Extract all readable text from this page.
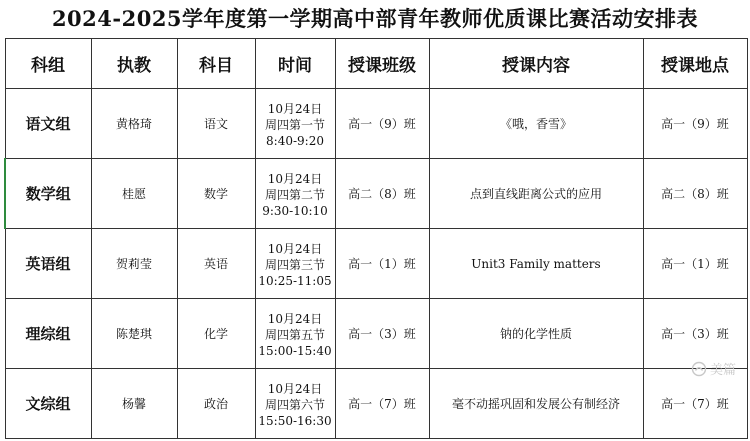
2024-2025学年度第一学期高中部青年教师优质课比赛活动安排表
科组	执教	科目	时间	授课班级	授课内容	授课地点
语文组	黄格琦	语文	10月24日
周四第一节
8:40-9:20	高一（9）班	《哦，香雪》	高一（9）班
数学组	桂愿	数学	10月24日
周四第二节
9:30-10:10	高二（8）班	点到直线距离公式的应用	高二（8）班
英语组	贺莉莹	英语	10月24日
周四第三节
10:25-11:05	高一（1）班	Unit3 Family matters	高一（1）班
理综组	陈楚琪	化学	10月24日
周四第五节
15:00-15:40	高一（3）班	钠的化学性质	高一（3）班
文综组	杨馨	政治	10月24日
周四第六节
15:50-16:30	高一（7）班	毫不动摇巩固和发展公有制经济	高一（7）班
美篇
